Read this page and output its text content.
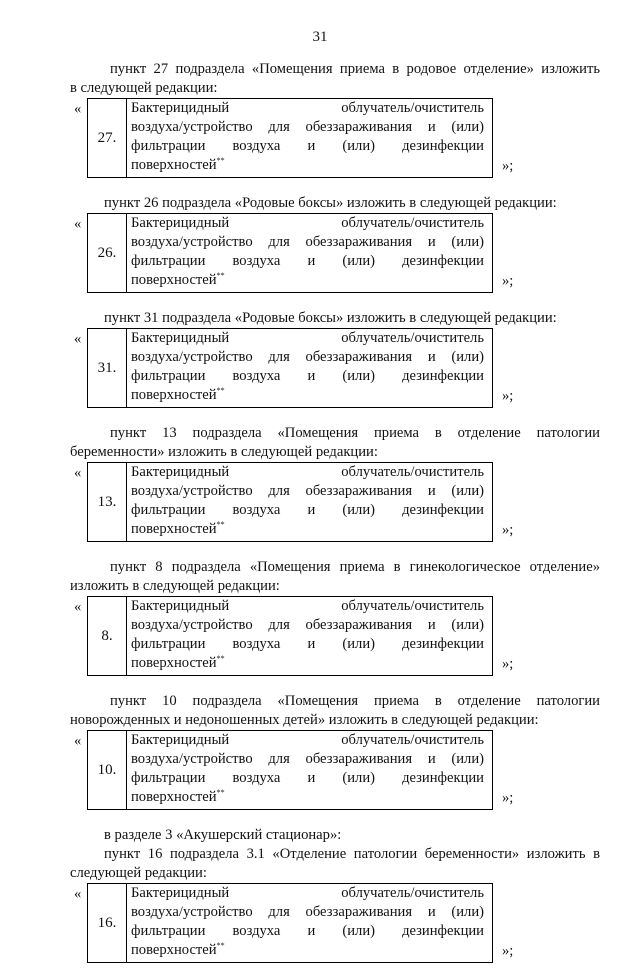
31

пункт 27 подраздела «Помещения приема в родовое отделение» изложить

в следующей редакции:

«
27.
Бактерицидный	облучатель/очиститель
воздуха/устройство для обеззараживания и (или)
фильтрации воздуха и (или) дезинфекции
поверхностей**	»;

пункт 26 подраздела «Родовые боксы» изложить в следующей редакции:

«
26.
Бактерицидный	облучатель/очиститель
воздуха/устройство для обеззараживания и (или)
фильтрации воздуха и (или) дезинфекции
поверхностей**	»;

пункт 31 подраздела «Родовые боксы» изложить в следующей редакции:

«
31.
Бактерицидный	облучатель/очиститель
воздуха/устройство для обеззараживания и (или)
фильтрации воздуха и (или) дезинфекции
поверхностей**	»;

пункт 13 подраздела «Помещения приема в отделение патологии

беременности» изложить в следующей редакции:

«
13.
Бактерицидный	облучатель/очиститель
воздуха/устройство для обеззараживания и (или)
фильтрации воздуха и (или) дезинфекции
поверхностей**	»;

пункт 8 подраздела «Помещения приема в гинекологическое отделение»

изложить в следующей редакции:

«
8.
Бактерицидный	облучатель/очиститель
воздуха/устройство для обеззараживания и (или)
фильтрации воздуха и (или) дезинфекции
поверхностей**	»;

пункт 10 подраздела «Помещения приема в отделение патологии

новорожденных и недоношенных детей» изложить в следующей редакции:

«
10.
Бактерицидный	облучатель/очиститель
воздуха/устройство для обеззараживания и (или)
фильтрации воздуха и (или) дезинфекции
поверхностей**	»;

в разделе 3 «Акушерский стационар»:

пункт 16 подраздела 3.1 «Отделение патологии беременности» изложить в

следующей редакции:

«
16.
Бактерицидный	облучатель/очиститель
воздуха/устройство для обеззараживания и (или)
фильтрации воздуха и (или) дезинфекции
поверхностей**	»;
